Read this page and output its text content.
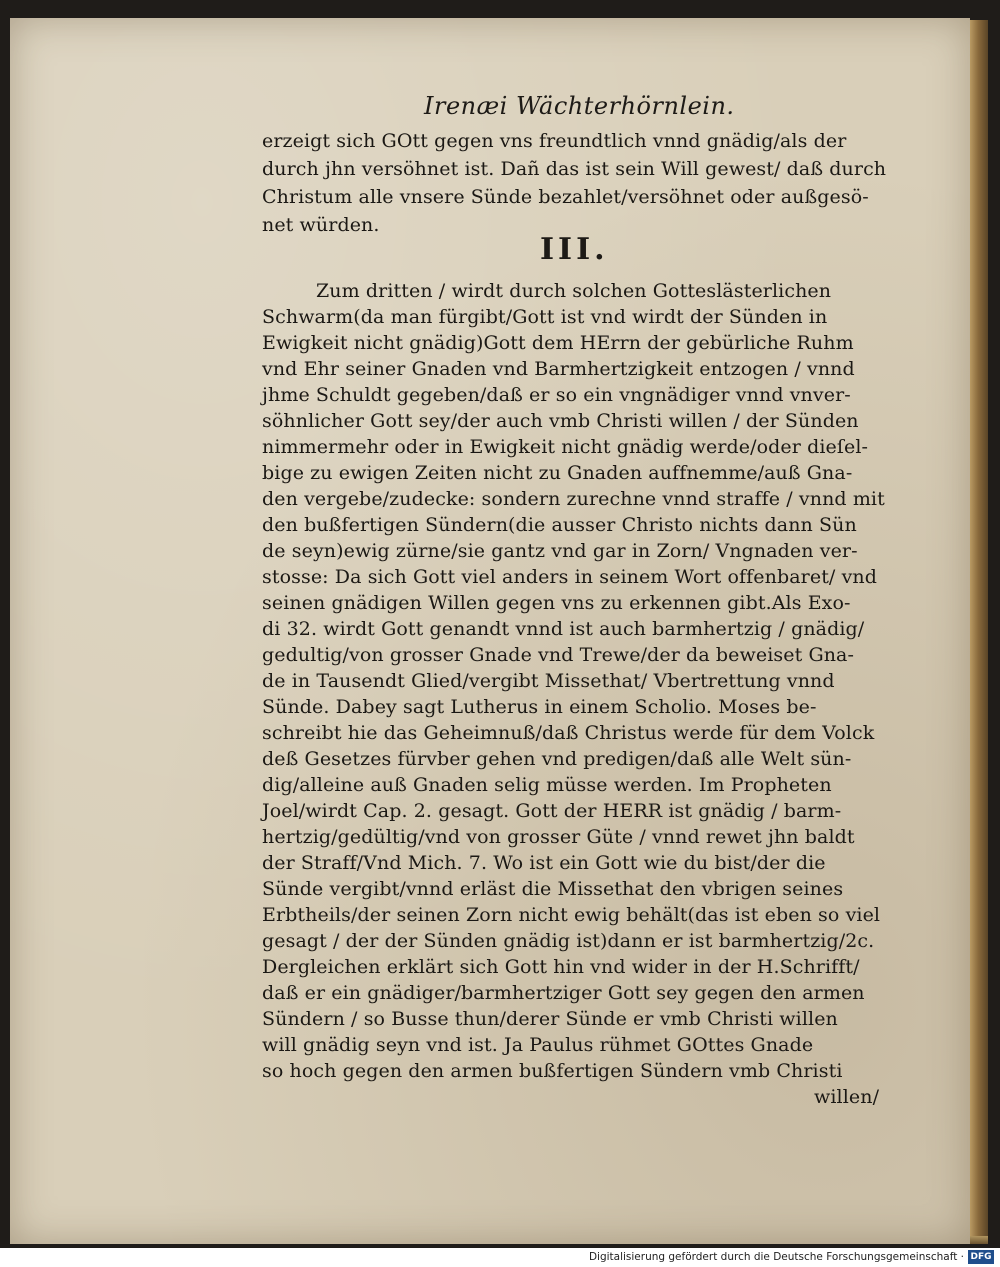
Irenæi Wächterhörnlein.
erzeigt sich GOtt gegen vns freundtlich vnnd gnädig/als der
durch jhn versöhnet ist. Dañ das ist sein Will gewest/ daß durch
Christum alle vnsere Sünde bezahlet/versöhnet oder außgesö-
net würden.
III.
Zum dritten / wirdt durch solchen Gotteslästerlichen
Schwarm(da man fürgibt/Gott ist vnd wirdt der Sünden in
Ewigkeit nicht gnädig)Gott dem HErrn der gebürliche Ruhm
vnd Ehr seiner Gnaden vnd Barmhertzigkeit entzogen / vnnd
jhme Schuldt gegeben/daß er so ein vngnädiger vnnd vnver-
söhnlicher Gott sey/der auch vmb Christi willen / der Sünden
nimmermehr oder in Ewigkeit nicht gnädig werde/oder dieſel-
bige zu ewigen Zeiten nicht zu Gnaden auffnemme/auß Gna-
den vergebe/zudecke: sondern zurechne vnnd straffe / vnnd mit
den bußfertigen Sündern(die ausser Christo nichts dann Sün
de seyn)ewig zürne/sie gantz vnd gar in Zorn/ Vngnaden ver-
stosse: Da sich Gott viel anders in seinem Wort offenbaret/ vnd
seinen gnädigen Willen gegen vns zu erkennen gibt.Als Exo-
di 32. wirdt Gott genandt vnnd ist auch barmhertzig / gnädig/
gedultig/von grosser Gnade vnd Trewe/der da beweiset Gna-
de in Tausendt Glied/vergibt Missethat/ Vbertrettung vnnd
Sünde. Dabey sagt Lutherus in einem Scholio. Moses be-
schreibt hie das Geheimnuß/daß Christus werde für dem Volck
deß Gesetzes fürvber gehen vnd predigen/daß alle Welt sün-
dig/alleine auß Gnaden selig müsse werden. Im Propheten
Joel/wirdt Cap. 2. gesagt. Gott der HERR ist gnädig / barm-
hertzig/gedültig/vnd von grosser Güte / vnnd rewet jhn baldt
der Straff/Vnd Mich. 7. Wo ist ein Gott wie du bist/der die
Sünde vergibt/vnnd erläst die Missethat den vbrigen seines
Erbtheils/der seinen Zorn nicht ewig behält(das ist eben so viel
gesagt / der der Sünden gnädig ist)dann er ist barmhertzig/2c.
Dergleichen erklärt sich Gott hin vnd wider in der H.Schrifft/
daß er ein gnädiger/barmhertziger Gott sey gegen den armen
Sündern / so Busse thun/derer Sünde er vmb Christi willen
will gnädig seyn vnd ist. Ja Paulus rühmet GOttes Gnade
so hoch gegen den armen bußfertigen Sündern vmb Christi
willen/
Digitalisierung gefördert durch die Deutsche Forschungsgemeinschaft · DFG
